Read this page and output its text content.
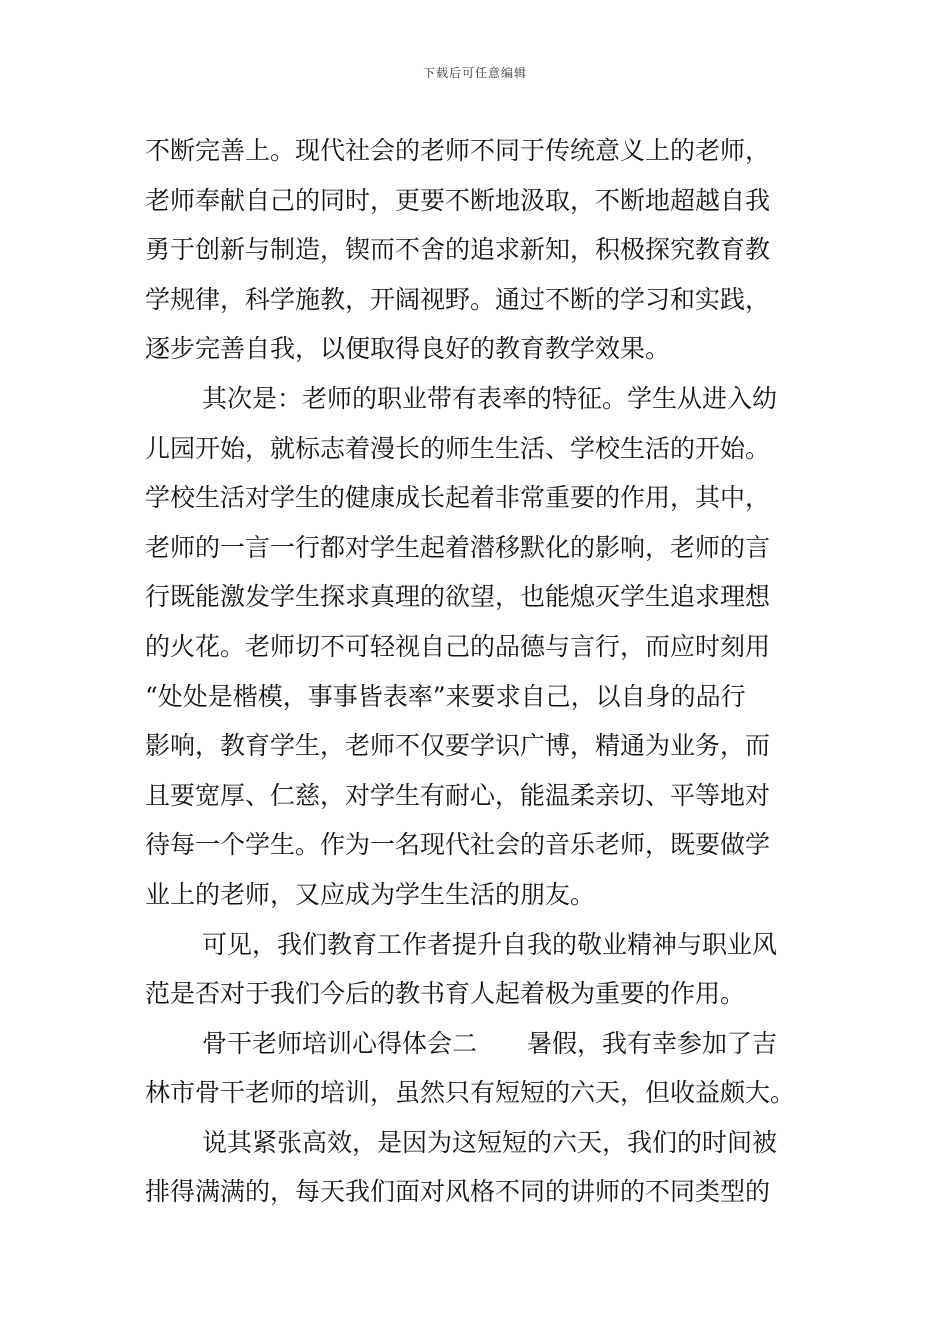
下载后可任意编辑
不断完善上。现代社会的老师不同于传统意义上的老师，
老师奉献自己的同时，更要不断地汲取，不断地超越自我
勇于创新与制造，锲而不舍的追求新知，积极探究教育教
学规律，科学施教，开阔视野。通过不断的学习和实践，
逐步完善自我，以便取得良好的教育教学效果。
其次是：老师的职业带有表率的特征。学生从进入幼
儿园开始，就标志着漫长的师生生活、学校生活的开始。
学校生活对学生的健康成长起着非常重要的作用，其中，
老师的一言一行都对学生起着潜移默化的影响，老师的言
行既能激发学生探求真理的欲望，也能熄灭学生追求理想
的火花。老师切不可轻视自己的品德与言行，而应时刻用
“处处是楷模，事事皆表率”来要求自己，以自身的品行
影响，教育学生，老师不仅要学识广博，精通为业务，而
且要宽厚、仁慈，对学生有耐心，能温柔亲切、平等地对
待每一个学生。作为一名现代社会的音乐老师，既要做学
业上的老师，又应成为学生生活的朋友。
可见，我们教育工作者提升自我的敬业精神与职业风
范是否对于我们今后的教书育人起着极为重要的作用。
骨干老师培训心得体会二　　暑假，我有幸参加了吉
林市骨干老师的培训，虽然只有短短的六天，但收益颇大。
说其紧张高效，是因为这短短的六天，我们的时间被
排得满满的，每天我们面对风格不同的讲师的不同类型的
